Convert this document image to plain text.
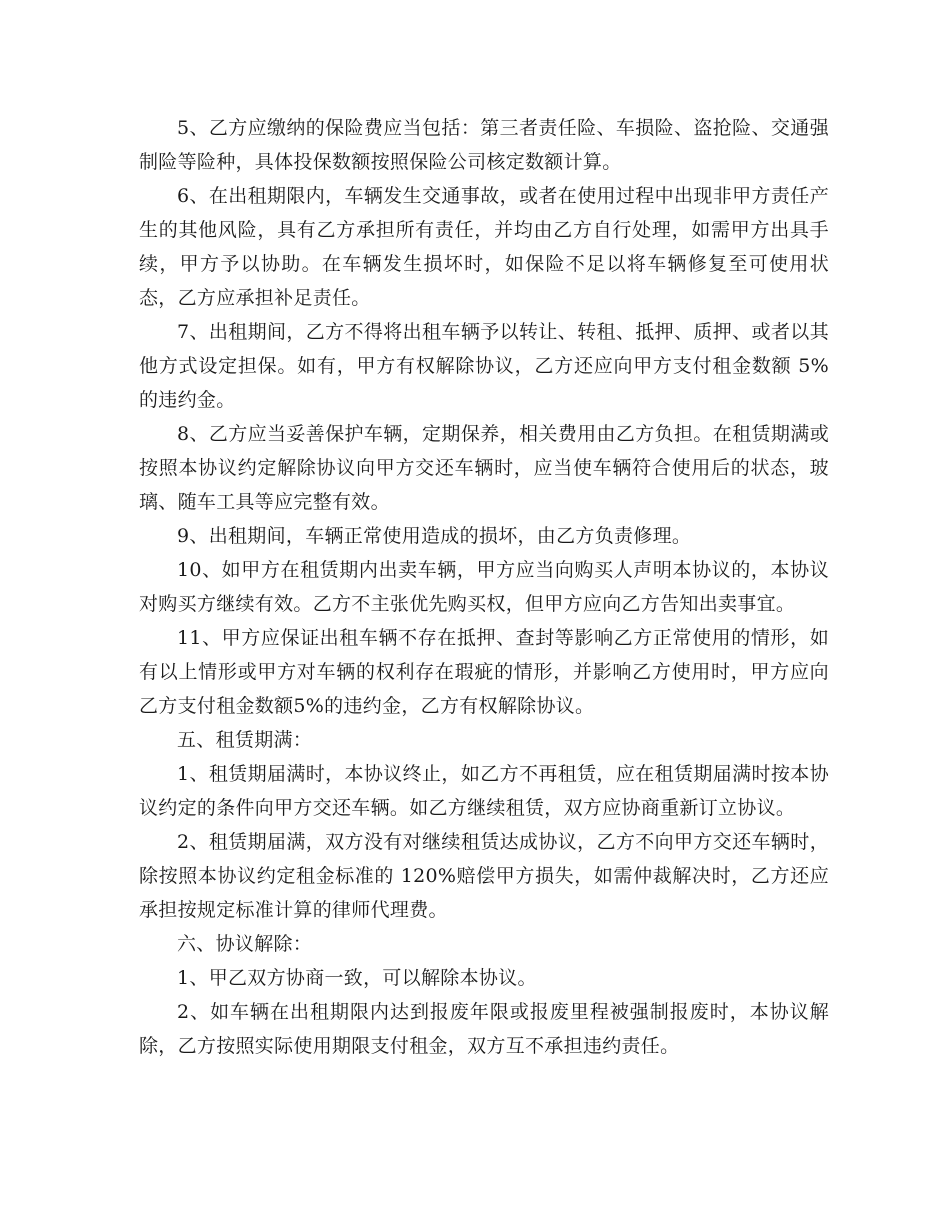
5、乙方应缴纳的保险费应当包括：第三者责任险、车损险、盗抢险、交通强制险等险种，具体投保数额按照保险公司核定数额计算。

6、在出租期限内，车辆发生交通事故，或者在使用过程中出现非甲方责任产生的其他风险，具有乙方承担所有责任，并均由乙方自行处理，如需甲方出具手续，甲方予以协助。在车辆发生损坏时，如保险不足以将车辆修复至可使用状态，乙方应承担补足责任。

7、出租期间，乙方不得将出租车辆予以转让、转租、抵押、质押、或者以其他方式设定担保。如有，甲方有权解除协议，乙方还应向甲方支付租金数额 5%的违约金。

8、乙方应当妥善保护车辆，定期保养，相关费用由乙方负担。在租赁期满或按照本协议约定解除协议向甲方交还车辆时，应当使车辆符合使用后的状态，玻璃、随车工具等应完整有效。

9、出租期间，车辆正常使用造成的损坏，由乙方负责修理。

10、如甲方在租赁期内出卖车辆，甲方应当向购买人声明本协议的，本协议对购买方继续有效。乙方不主张优先购买权，但甲方应向乙方告知出卖事宜。

11、甲方应保证出租车辆不存在抵押、查封等影响乙方正常使用的情形，如有以上情形或甲方对车辆的权利存在瑕疵的情形，并影响乙方使用时，甲方应向乙方支付租金数额5%的违约金，乙方有权解除协议。

五、租赁期满：

1、租赁期届满时，本协议终止，如乙方不再租赁，应在租赁期届满时按本协议约定的条件向甲方交还车辆。如乙方继续租赁，双方应协商重新订立协议。

2、租赁期届满，双方没有对继续租赁达成协议，乙方不向甲方交还车辆时，除按照本协议约定租金标准的 120%赔偿甲方损失，如需仲裁解决时，乙方还应承担按规定标准计算的律师代理费。

六、协议解除：

1、甲乙双方协商一致，可以解除本协议。

2、如车辆在出租期限内达到报废年限或报废里程被强制报废时，本协议解除，乙方按照实际使用期限支付租金，双方互不承担违约责任。
